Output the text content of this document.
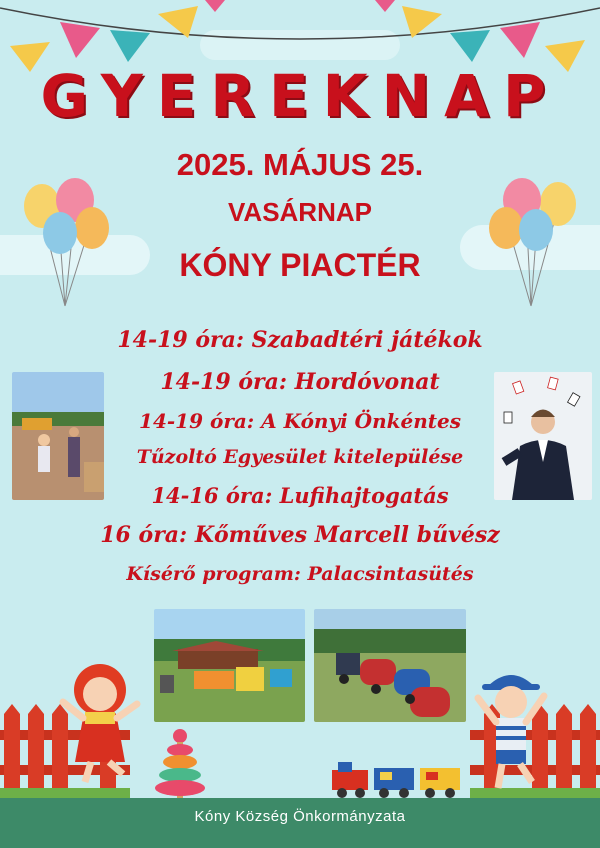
GYEREKNAP
2025. MÁJUS 25.
VASÁRNAP
KÓNY PIACTÉR
14-19 óra: Szabadtéri játékok
14-19 óra: Hordóvonat
14-19 óra: A Kónyi Önkéntes
Tűzoltó Egyesület kitelepülése
14-16 óra: Lufihajtogatás
16 óra: Kőműves Marcell bűvész
Kísérő program: Palacsintasütés
Kóny Község Önkormányzata
